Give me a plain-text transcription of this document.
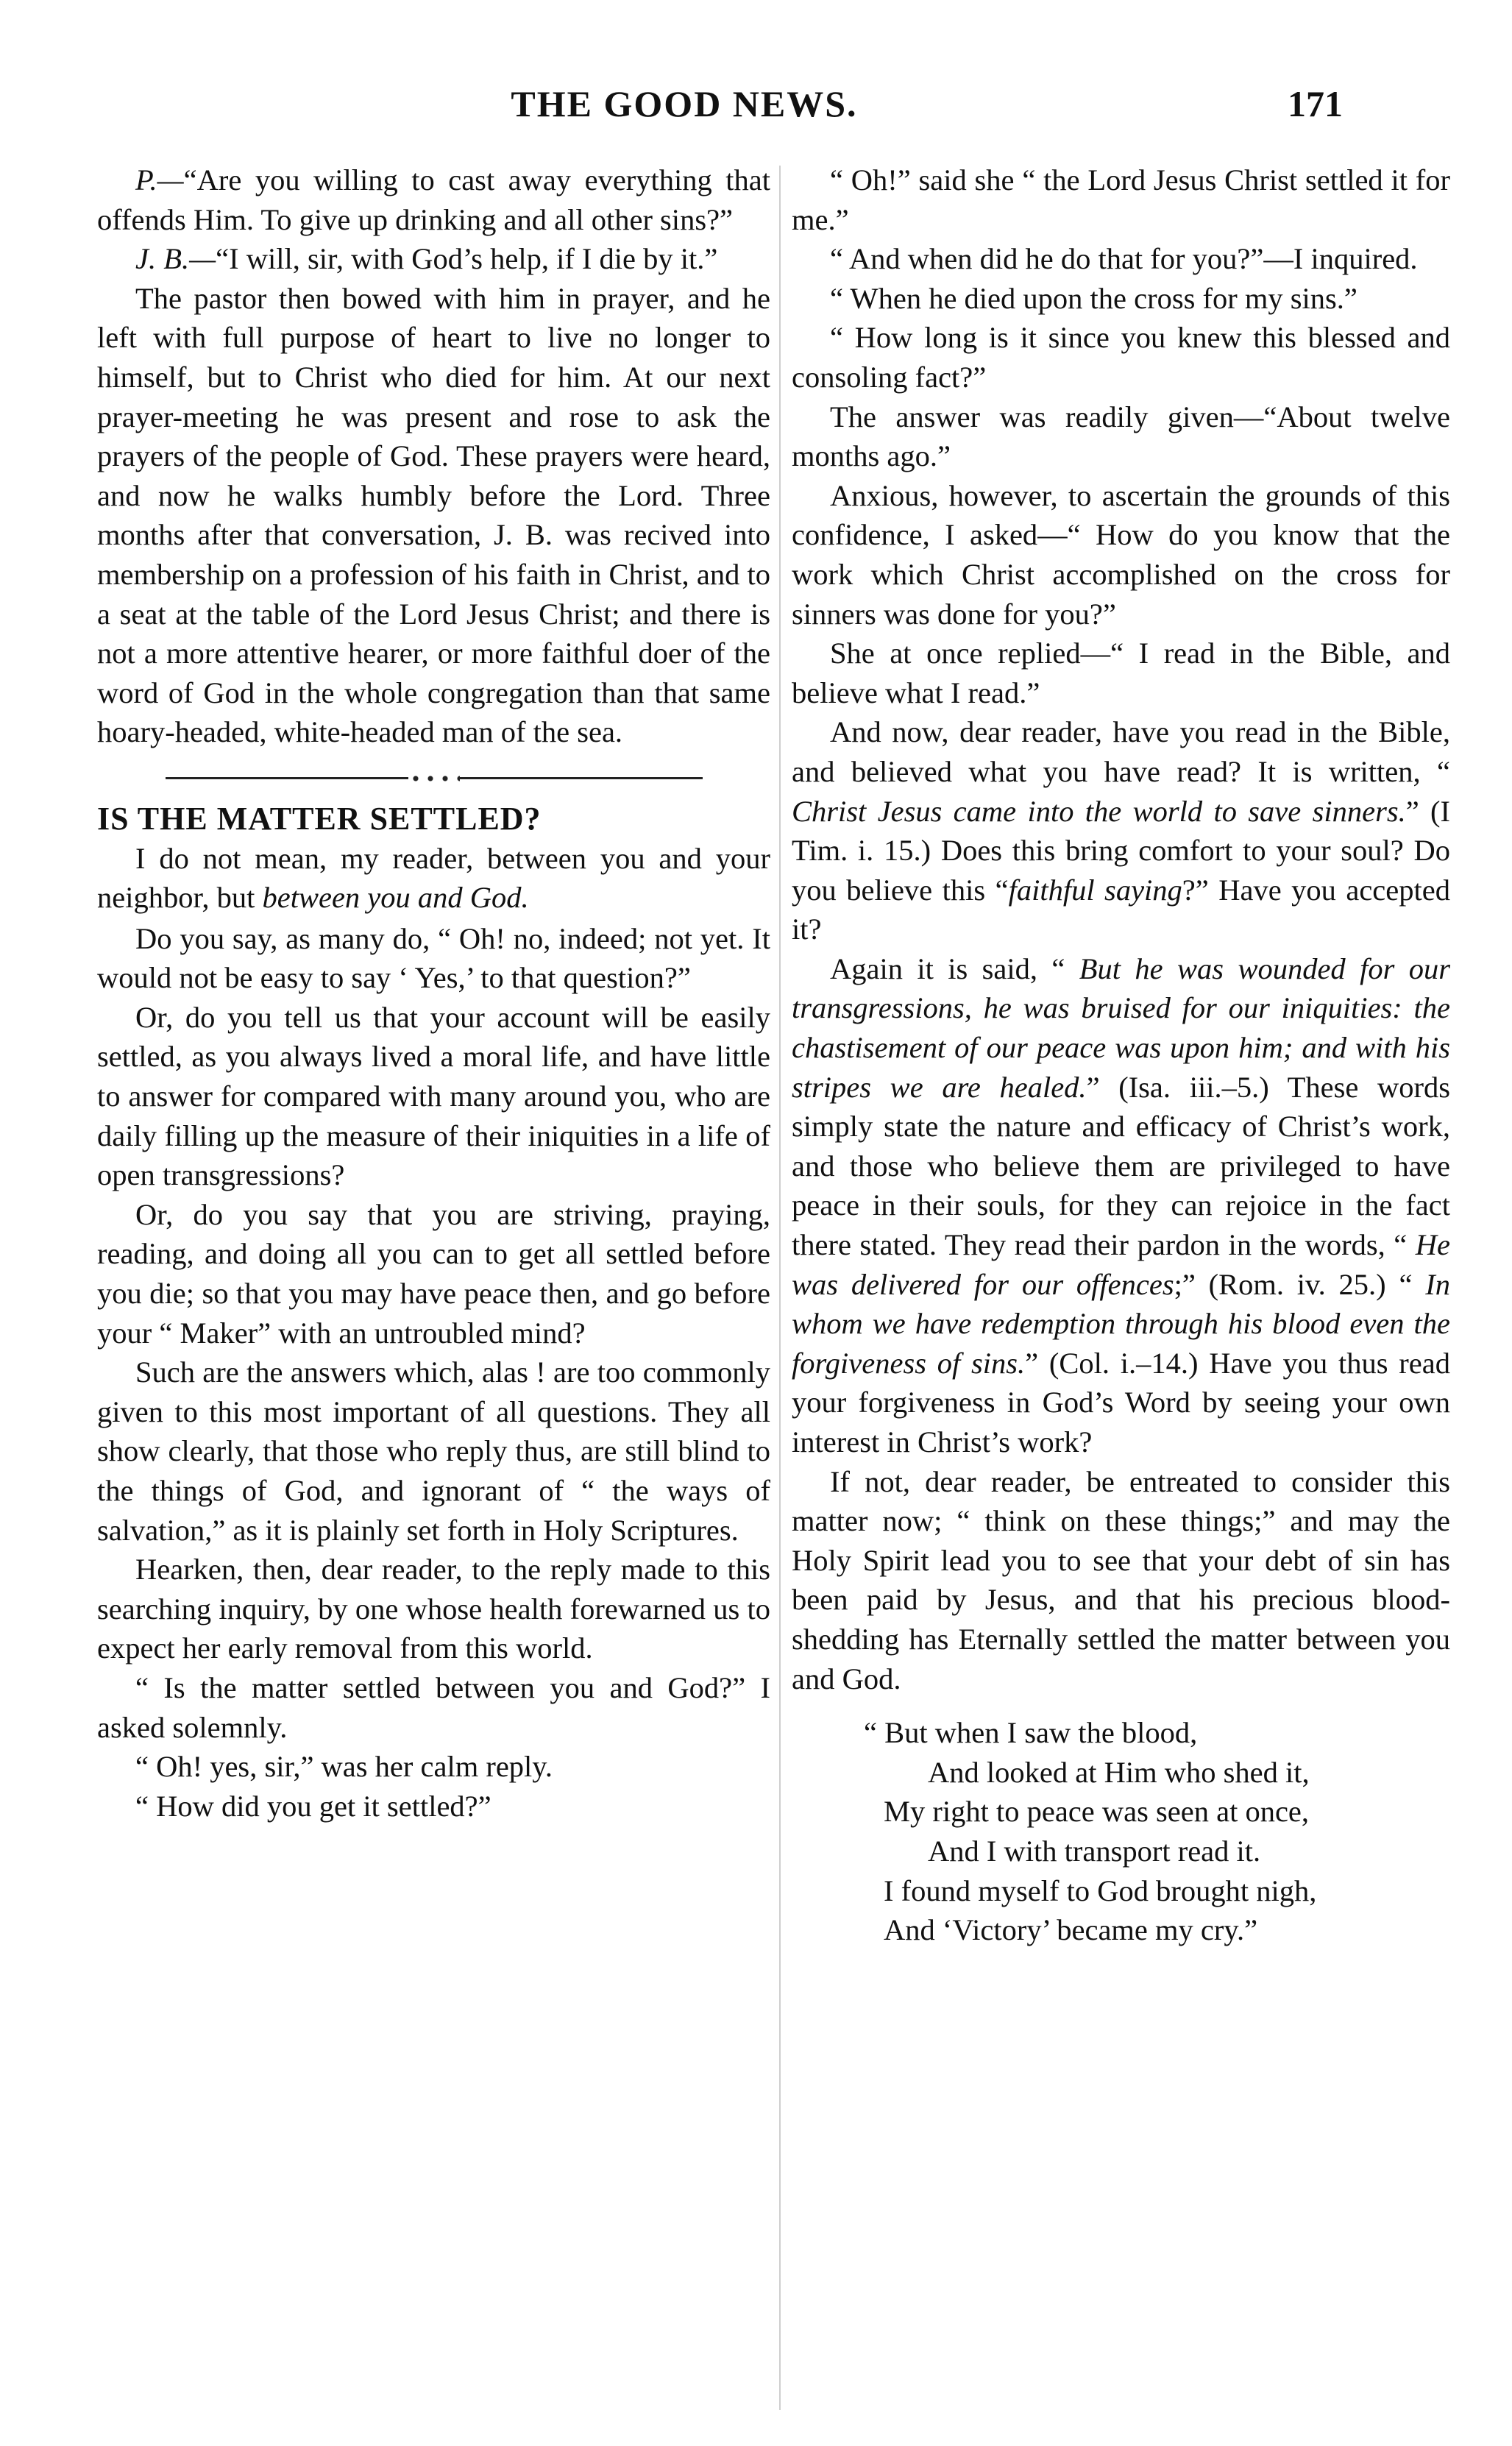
THE GOOD NEWS.	171

P.—“Are you willing to cast away everything that offends Him. To give up drinking and all other sins?”

J. B.—“I will, sir, with God’s help, if I die by it.”

The pastor then bowed with him in prayer, and he left with full purpose of heart to live no longer to himself, but to Christ who died for him. At our next prayer-meeting he was present and rose to ask the prayers of the people of God. These prayers were heard, and now he walks humbly before the Lord. Three months after that conversation, J. B. was recived into membership on a profession of his faith in Christ, and to a seat at the table of the Lord Jesus Christ; and there is not a more attentive hearer, or more faithful doer of the word of God in the whole congregation than that same hoary-headed, white-headed man of the sea.

IS THE MATTER SETTLED?

I do not mean, my reader, between you and your neighbor, but between you and God.

Do you say, as many do, “ Oh! no, indeed; not yet. It would not be easy to say ‘ Yes,’ to that question?”

Or, do you tell us that your account will be easily settled, as you always lived a moral life, and have little to answer for compared with many around you, who are daily filling up the measure of their iniquities in a life of open transgressions?

Or, do you say that you are striving, praying, reading, and doing all you can to get all settled before you die; so that you may have peace then, and go before your “ Maker” with an untroubled mind?

Such are the answers which, alas ! are too commonly given to this most important of all questions. They all show clearly, that those who reply thus, are still blind to the things of God, and ignorant of “ the ways of salvation,” as it is plainly set forth in Holy Scriptures.

Hearken, then, dear reader, to the reply made to this searching inquiry, by one whose health forewarned us to expect her early removal from this world.

“ Is the matter settled between you and God?” I asked solemnly.

“ Oh! yes, sir,” was her calm reply.

“ How did you get it settled?”

“ Oh!” said she “ the Lord Jesus Christ settled it for me.”

“ And when did he do that for you?”—I inquired.

“ When he died upon the cross for my sins.”

“ How long is it since you knew this blessed and consoling fact?”

The answer was readily given—“About twelve months ago.”

Anxious, however, to ascertain the grounds of this confidence, I asked—“ How do you know that the work which Christ accomplished on the cross for sinners was done for you?”

She at once replied—“ I read in the Bible, and believe what I read.”

And now, dear reader, have you read in the Bible, and believed what you have read? It is written, “ Christ Jesus came into the world to save sinners.” (I Tim. i. 15.) Does this bring comfort to your soul? Do you believe this “faithful saying?” Have you accepted it?

Again it is said, “ But he was wounded for our transgressions, he was bruised for our iniquities: the chastisement of our peace was upon him; and with his stripes we are healed.” (Isa. iii.–5.) These words simply state the nature and efficacy of Christ’s work, and those who believe them are privileged to have peace in their souls, for they can rejoice in the fact there stated. They read their pardon in the words, “ He was delivered for our offences;” (Rom. iv. 25.) “ In whom we have redemption through his blood even the forgiveness of sins.” (Col. i.–14.) Have you thus read your forgiveness in God’s Word by seeing your own interest in Christ’s work?

If not, dear reader, be entreated to consider this matter now; “ think on these things;” and may the Holy Spirit lead you to see that your debt of sin has been paid by Jesus, and that his precious blood-shedding has Eternally settled the matter between you and God.

“ But when I saw the blood,
And looked at Him who shed it,
My right to peace was seen at once,
And I with transport read it.
I found myself to God brought nigh,
And ‘Victory’ became my cry.”
